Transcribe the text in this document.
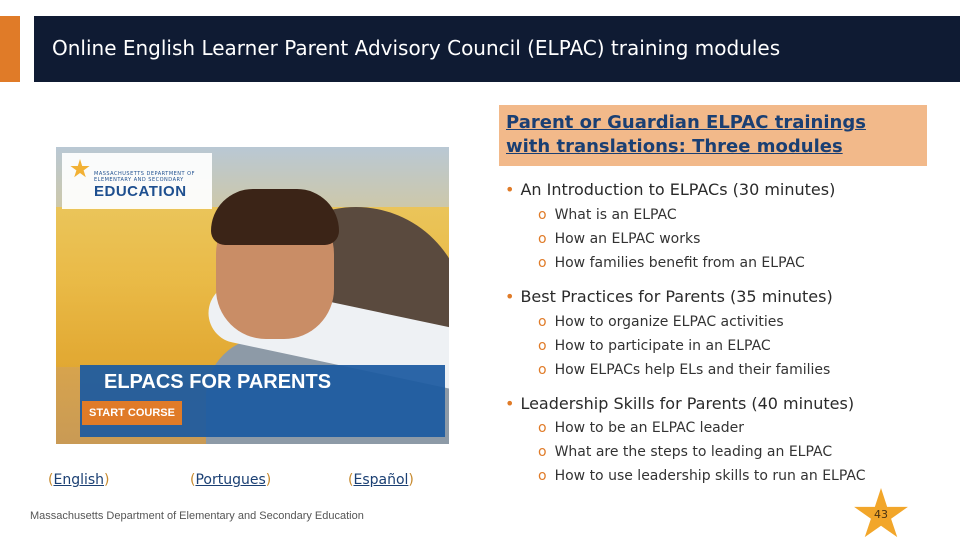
Online English Learner Parent Advisory Council (ELPAC) training modules
MASSACHUSETTS DEPARTMENT OF
ELEMENTARY AND SECONDARY
EDUCATION
ELPACS FOR PARENTS
START COURSE
(English)	(Portugues)	(Español)
Massachusetts Department of Elementary and Secondary Education
Parent or Guardian ELPAC trainings
with translations: Three modules
• An Introduction to ELPACs (30 minutes)
o What is an ELPAC
o How an ELPAC works
o How families benefit from an ELPAC
• Best Practices for Parents (35 minutes)
o How to organize ELPAC activities
o How to participate in an ELPAC
o How ELPACs help ELs and their families
• Leadership Skills for Parents (40 minutes)
o How to be an ELPAC leader
o What are the steps to leading an ELPAC
o How to use leadership skills to run an ELPAC
43
